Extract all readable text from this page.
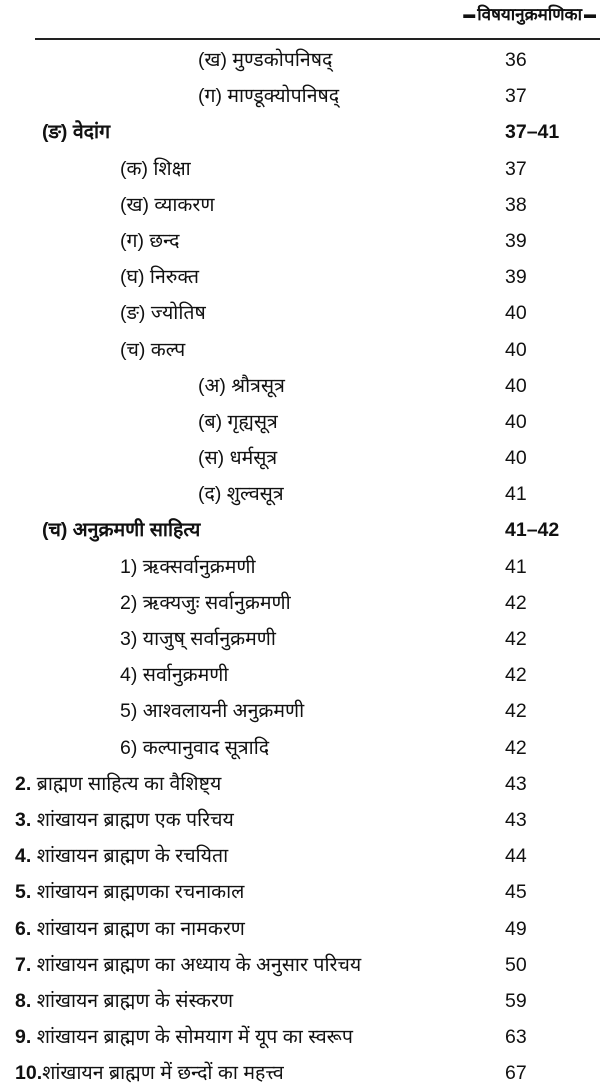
▬ विषयानुक्रमणिका ▬
(ख) मुण्डकोपनिषद्	36
(ग) माण्डूक्योपनिषद्	37
(ङ) वेदांग	37–41
(क) शिक्षा	37
(ख) व्याकरण	38
(ग) छन्द	39
(घ) निरुक्त	39
(ङ) ज्योतिष	40
(च) कल्प	40
(अ) श्रौत्रसूत्र	40
(ब) गृह्यसूत्र	40
(स) धर्मसूत्र	40
(द) शुल्वसूत्र	41
(च) अनुक्रमणी साहित्य	41–42
1) ऋक्सर्वानुक्रमणी	41
2) ऋक्यजुः सर्वानुक्रमणी	42
3) याजुष् सर्वानुक्रमणी	42
4) सर्वानुक्रमणी	42
5) आश्वलायनी अनुक्रमणी	42
6) कल्पानुवाद सूत्रादि	42
2. ब्राह्मण साहित्य का वैशिष्ट्य	43
3. शांखायन ब्राह्मण एक परिचय	43
4. शांखायन ब्राह्मण के रचयिता	44
5. शांखायन ब्राह्मणका रचनाकाल	45
6. शांखायन ब्राह्मण का नामकरण	49
7. शांखायन ब्राह्मण का अध्याय के अनुसार परिचय	50
8. शांखायन ब्राह्मण के संस्करण	59
9. शांखायन ब्राह्मण के सोमयाग में यूप का स्वरूप	63
10.शांखायन ब्राह्मण में छन्दों का महत्त्व	67
